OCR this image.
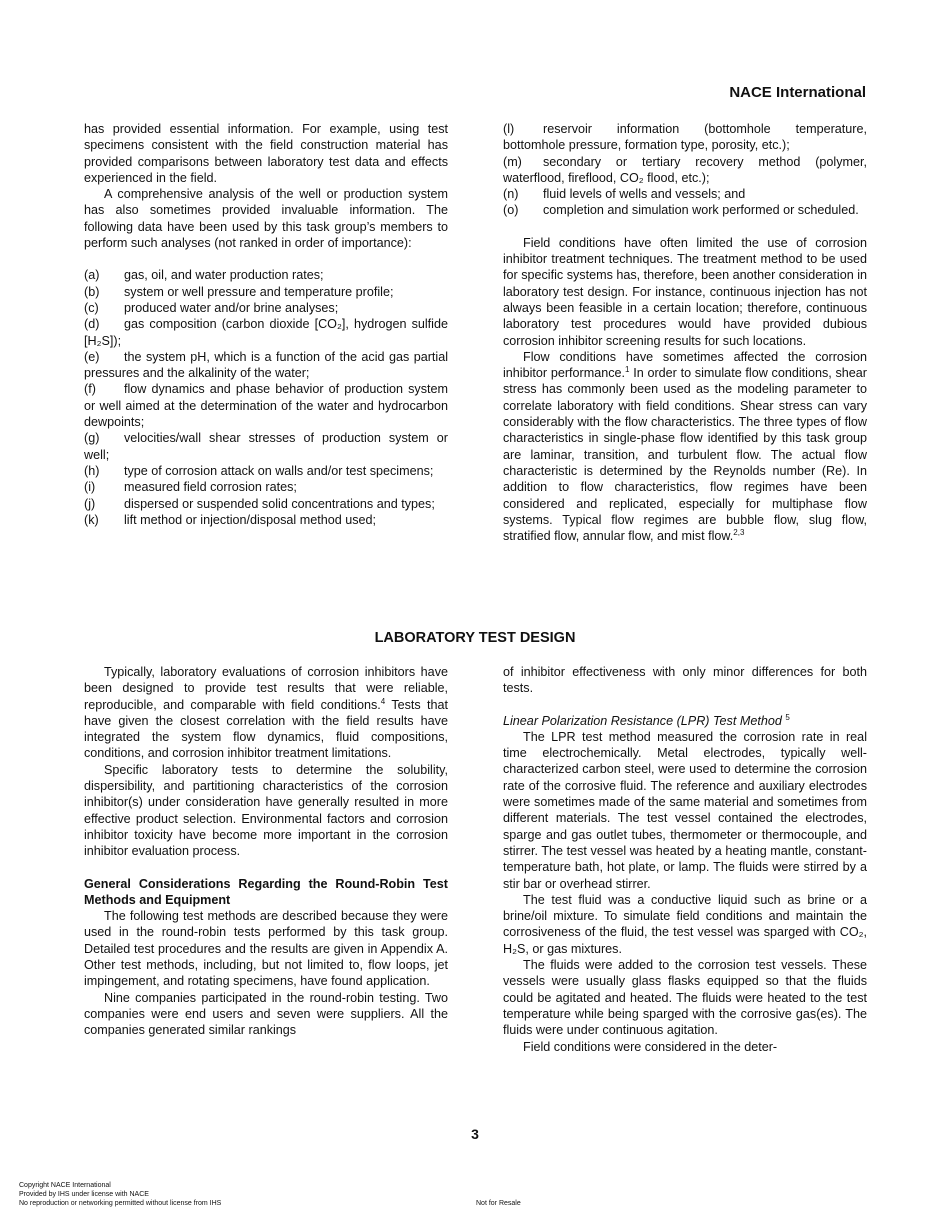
NACE International

has provided essential information. For example, using test specimens consistent with the field construction material has provided comparisons between laboratory test data and effects experienced in the field.

A comprehensive analysis of the well or production system has also sometimes provided invaluable information. The following data have been used by this task group’s members to perform such analyses (not ranked in order of importance):

(a) gas, oil, and water production rates;

(b) system or well pressure and temperature profile;

(c) produced water and/or brine analyses;

(d) gas composition (carbon dioxide [CO₂], hydrogen sulfide [H₂S]);

(e) the system pH, which is a function of the acid gas partial pressures and the alkalinity of the water;

(f) flow dynamics and phase behavior of production system or well aimed at the determination of the water and hydrocarbon dewpoints;

(g) velocities/wall shear stresses of production system or well;

(h) type of corrosion attack on walls and/or test specimens;

(i) measured field corrosion rates;

(j) dispersed or suspended solid concentrations and types;

(k) lift method or injection/disposal method used;

(l) reservoir information (bottomhole temperature, bottomhole pressure, formation type, porosity, etc.);

(m) secondary or tertiary recovery method (polymer, waterflood, fireflood, CO₂ flood, etc.);

(n) fluid levels of wells and vessels; and

(o) completion and simulation work performed or scheduled.

Field conditions have often limited the use of corrosion inhibitor treatment techniques. The treatment method to be used for specific systems has, therefore, been another consideration in laboratory test design. For instance, continuous injection has not always been feasible in a certain location; therefore, continuous laboratory test procedures would have provided dubious corrosion inhibitor screening results for such locations.

Flow conditions have sometimes affected the corrosion inhibitor performance.$^1$ In order to simulate flow conditions, shear stress has commonly been used as the modeling parameter to correlate laboratory with field conditions. Shear stress can vary considerably with the flow characteristics. The three types of flow characteristics in single-phase flow identified by this task group are laminar, transition, and turbulent flow. The actual flow characteristic is determined by the Reynolds number (Re). In addition to flow characteristics, flow regimes have been considered and replicated, especially for multiphase flow systems. Typical flow regimes are bubble flow, slug flow, stratified flow, annular flow, and mist flow.$^{2,3}$

LABORATORY TEST DESIGN

Typically, laboratory evaluations of corrosion inhibitors have been designed to provide test results that were reliable, reproducible, and comparable with field conditions.$^4$ Tests that have given the closest correlation with the field results have integrated the system flow dynamics, fluid compositions, conditions, and corrosion inhibitor treatment limitations.

Specific laboratory tests to determine the solubility, dispersibility, and partitioning characteristics of the corrosion inhibitor(s) under consideration have generally resulted in more effective product selection. Environmental factors and corrosion inhibitor toxicity have become more important in the corrosion inhibitor evaluation process.

General Considerations Regarding the Round-Robin Test Methods and Equipment

The following test methods are described because they were used in the round-robin tests performed by this task group. Detailed test procedures and the results are given in Appendix A. Other test methods, including, but not limited to, flow loops, jet impingement, and rotating specimens, have found application.

Nine companies participated in the round-robin testing. Two companies were end users and seven were suppliers. All the companies generated similar rankings

of inhibitor effectiveness with only minor differences for both tests.

Linear Polarization Resistance (LPR) Test Method $^5$

The LPR test method measured the corrosion rate in real time electrochemically. Metal electrodes, typically well-characterized carbon steel, were used to determine the corrosion rate of the corrosive fluid. The reference and auxiliary electrodes were sometimes made of the same material and sometimes from different materials. The test vessel contained the electrodes, sparge and gas outlet tubes, thermometer or thermocouple, and stirrer. The test vessel was heated by a heating mantle, constant-temperature bath, hot plate, or lamp. The fluids were stirred by a stir bar or overhead stirrer.

The test fluid was a conductive liquid such as brine or a brine/oil mixture. To simulate field conditions and maintain the corrosiveness of the fluid, the test vessel was sparged with CO₂, H₂S, or gas mixtures.

The fluids were added to the corrosion test vessels. These vessels were usually glass flasks equipped so that the fluids could be agitated and heated. The fluids were heated to the test temperature while being sparged with the corrosive gas(es). The fluids were under continuous agitation.

Field conditions were considered in the deter-

3
Copyright NACE International
Provided by IHS under license with NACE
No reproduction or networking permitted without license from IHS	Not for Resale
